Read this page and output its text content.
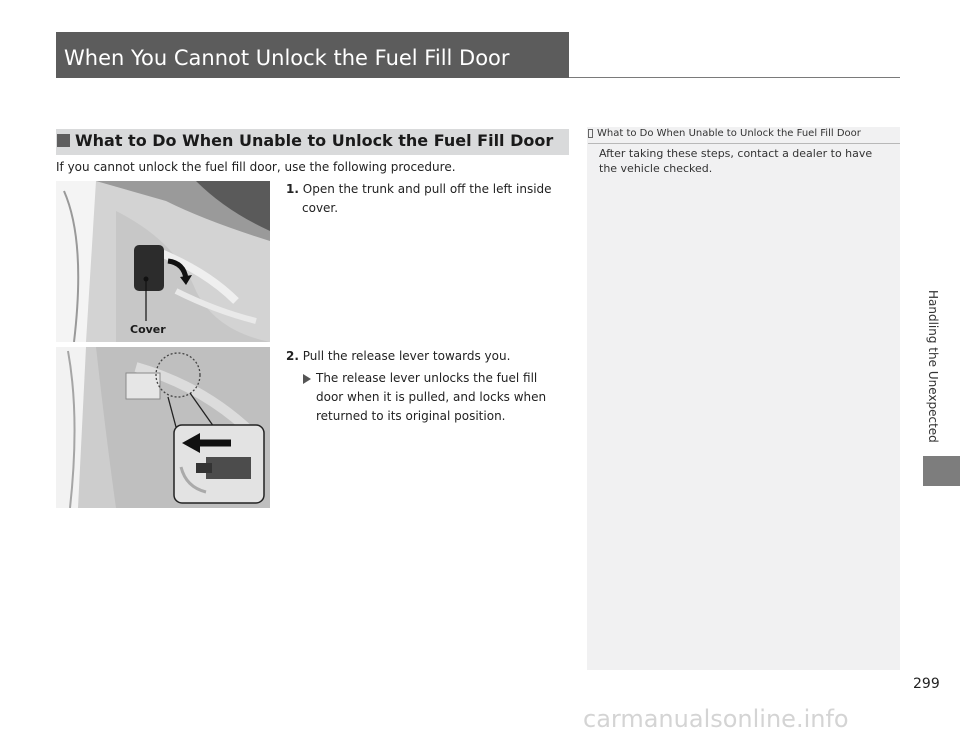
When You Cannot Unlock the Fuel Fill Door
What to Do When Unable to Unlock the Fuel Fill Door
If you cannot unlock the fuel fill door, use the following procedure.
Cover
1. Open the trunk and pull off the left inside
cover.
2. Pull the release lever towards you.
The release lever unlocks the fuel fill
door when it is pulled, and locks when
returned to its original position.
What to Do When Unable to Unlock the Fuel Fill Door
After taking these steps, contact a dealer to have
the vehicle checked.
Handling the Unexpected
299
carmanualsonline.info
